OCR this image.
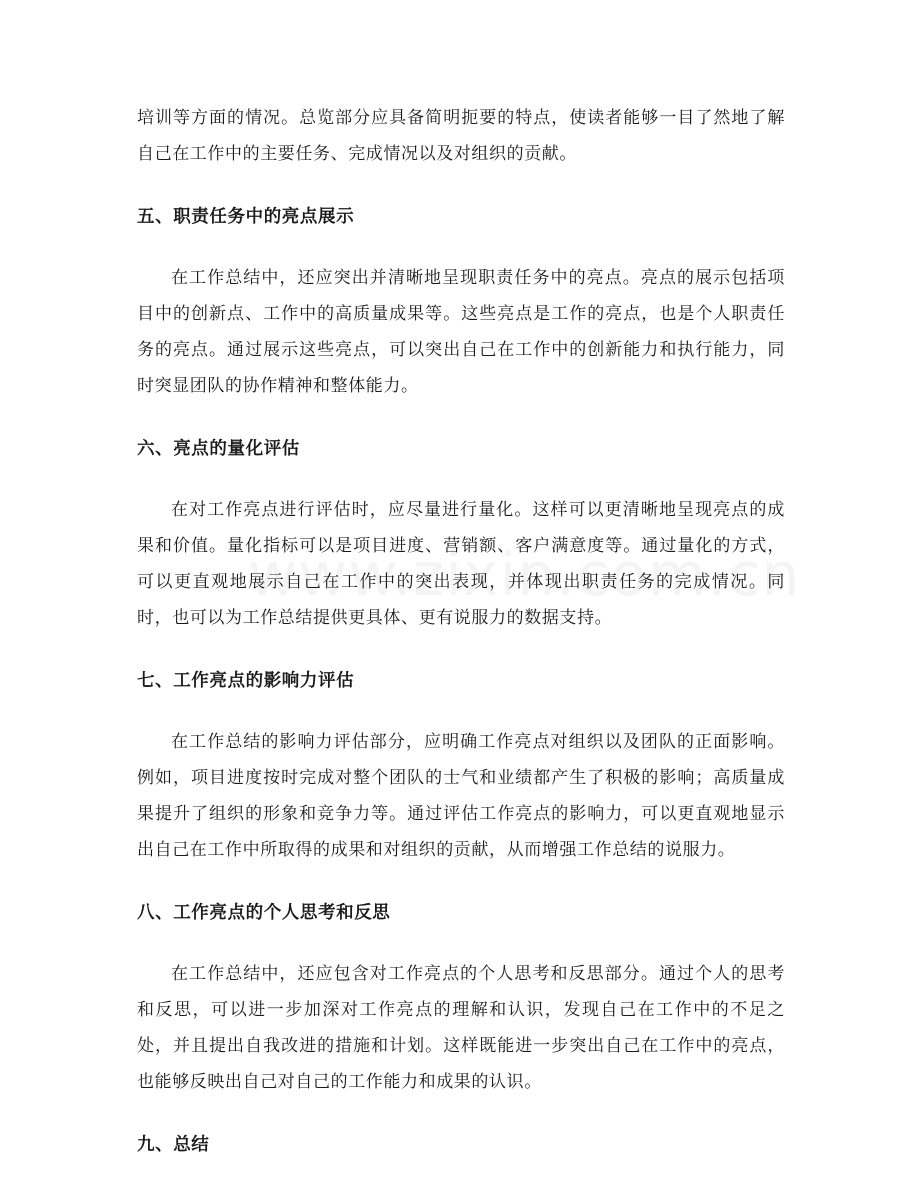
培训等方面的情况。总览部分应具备简明扼要的特点，使读者能够一目了然地了解自己在工作中的主要任务、完成情况以及对组织的贡献。

五、职责任务中的亮点展示

在工作总结中，还应突出并清晰地呈现职责任务中的亮点。亮点的展示包括项目中的创新点、工作中的高质量成果等。这些亮点是工作的亮点，也是个人职责任务的亮点。通过展示这些亮点，可以突出自己在工作中的创新能力和执行能力，同时突显团队的协作精神和整体能力。

六、亮点的量化评估

在对工作亮点进行评估时，应尽量进行量化。这样可以更清晰地呈现亮点的成果和价值。量化指标可以是项目进度、营销额、客户满意度等。通过量化的方式，可以更直观地展示自己在工作中的突出表现，并体现出职责任务的完成情况。同时，也可以为工作总结提供更具体、更有说服力的数据支持。

七、工作亮点的影响力评估

在工作总结的影响力评估部分，应明确工作亮点对组织以及团队的正面影响。例如，项目进度按时完成对整个团队的士气和业绩都产生了积极的影响；高质量成果提升了组织的形象和竞争力等。通过评估工作亮点的影响力，可以更直观地显示出自己在工作中所取得的成果和对组织的贡献，从而增强工作总结的说服力。

八、工作亮点的个人思考和反思

在工作总结中，还应包含对工作亮点的个人思考和反思部分。通过个人的思考和反思，可以进一步加深对工作亮点的理解和认识，发现自己在工作中的不足之处，并且提出自我改进的措施和计划。这样既能进一步突出自己在工作中的亮点，也能够反映出自己对自己的工作能力和成果的认识。

九、总结
